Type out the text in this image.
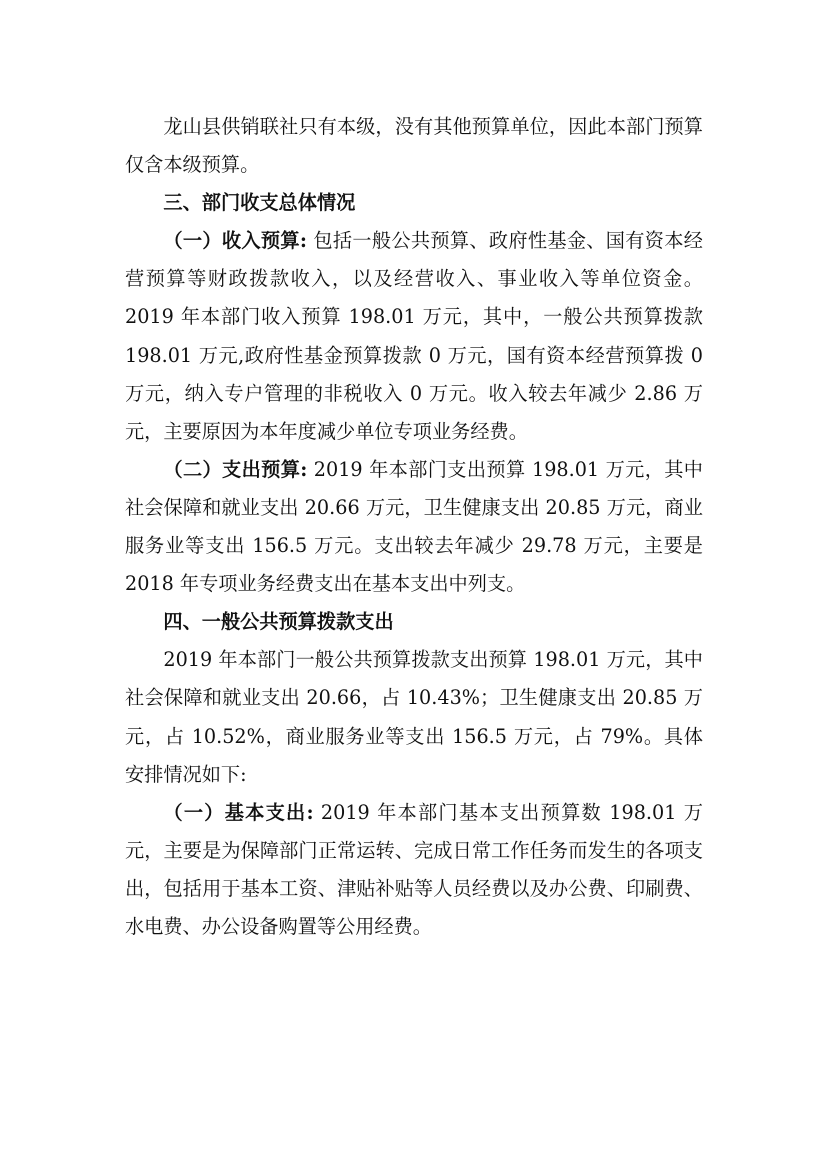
龙山县供销联社只有本级，没有其他预算单位，因此本部门预算仅含本级预算。

三、部门收支总体情况

（一）收入预算: 包括一般公共预算、政府性基金、国有资本经营预算等财政拨款收入，以及经营收入、事业收入等单位资金。2019 年本部门收入预算 198.01 万元，其中，一般公共预算拨款 198.01 万元,政府性基金预算拨款 0 万元，国有资本经营预算拨 0 万元，纳入专户管理的非税收入 0 万元。收入较去年减少 2.86 万元，主要原因为本年度减少单位专项业务经费。

（二）支出预算: 2019 年本部门支出预算 198.01 万元，其中社会保障和就业支出 20.66 万元，卫生健康支出 20.85 万元，商业服务业等支出 156.5 万元。支出较去年减少 29.78 万元，主要是 2018 年专项业务经费支出在基本支出中列支。

四、一般公共预算拨款支出

2019 年本部门一般公共预算拨款支出预算 198.01 万元，其中社会保障和就业支出 20.66，占 10.43%；卫生健康支出 20.85 万元，占 10.52%，商业服务业等支出 156.5 万元，占 79%。具体安排情况如下:

（一）基本支出: 2019 年本部门基本支出预算数 198.01 万元，主要是为保障部门正常运转、完成日常工作任务而发生的各项支出，包括用于基本工资、津贴补贴等人员经费以及办公费、印刷费、水电费、办公设备购置等公用经费。
